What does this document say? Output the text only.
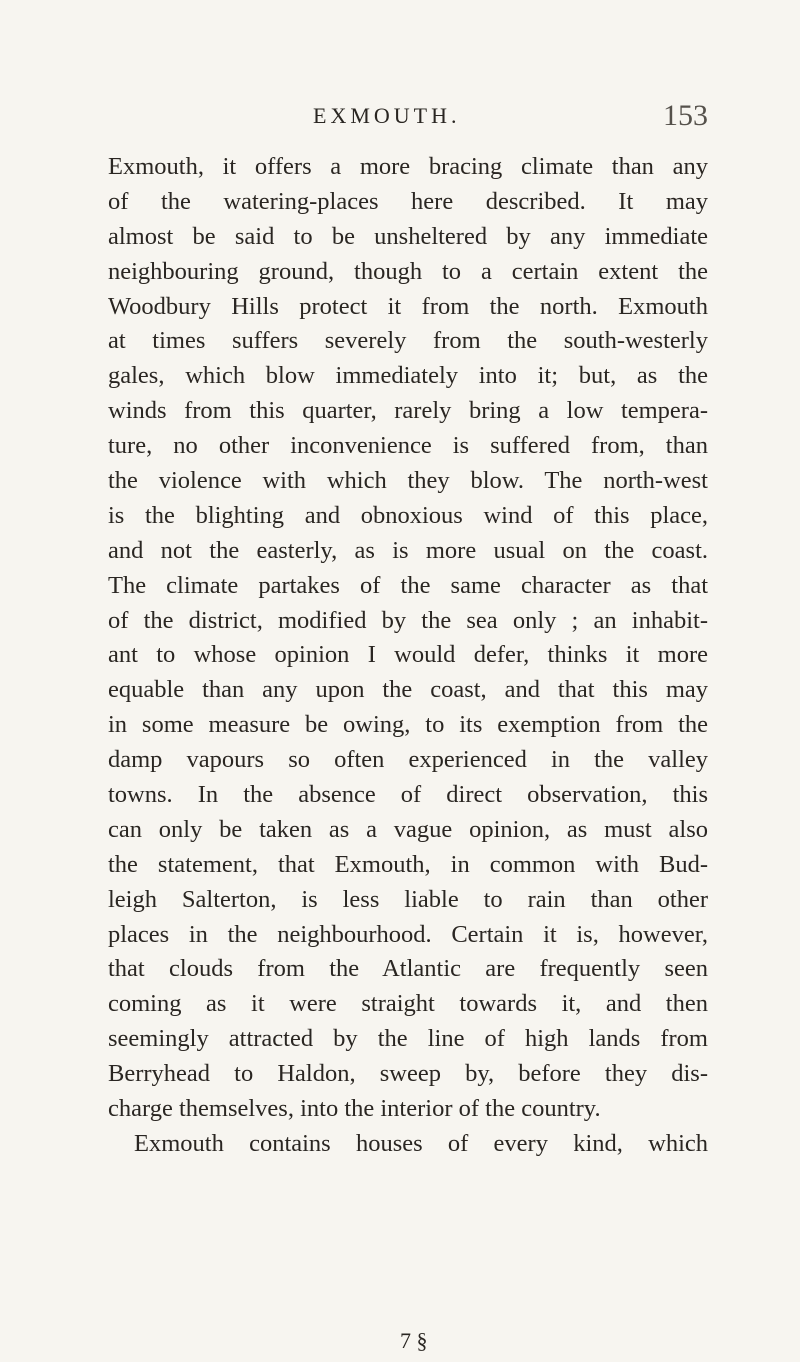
EXMOUTH.	153
Exmouth, it offers a more bracing climate than any
of the watering-places here described. It may
almost be said to be unsheltered by any immediate
neighbouring ground, though to a certain extent the
Woodbury Hills protect it from the north. Exmouth
at times suffers severely from the south-westerly
gales, which blow immediately into it; but, as the
winds from this quarter, rarely bring a low tempera-
ture, no other inconvenience is suffered from, than
the violence with which they blow. The north-west
is the blighting and obnoxious wind of this place,
and not the easterly, as is more usual on the coast.
The climate partakes of the same character as that
of the district, modified by the sea only ; an inhabit-
ant to whose opinion I would defer, thinks it more
equable than any upon the coast, and that this may
in some measure be owing, to its exemption from the
damp vapours so often experienced in the valley
towns. In the absence of direct observation, this
can only be taken as a vague opinion, as must also
the statement, that Exmouth, in common with Bud-
leigh Salterton, is less liable to rain than other
places in the neighbourhood. Certain it is, however,
that clouds from the Atlantic are frequently seen
coming as it were straight towards it, and then
seemingly attracted by the line of high lands from
Berryhead to Haldon, sweep by, before they dis-
charge themselves, into the interior of the country.
Exmouth contains houses of every kind, which
7 §
